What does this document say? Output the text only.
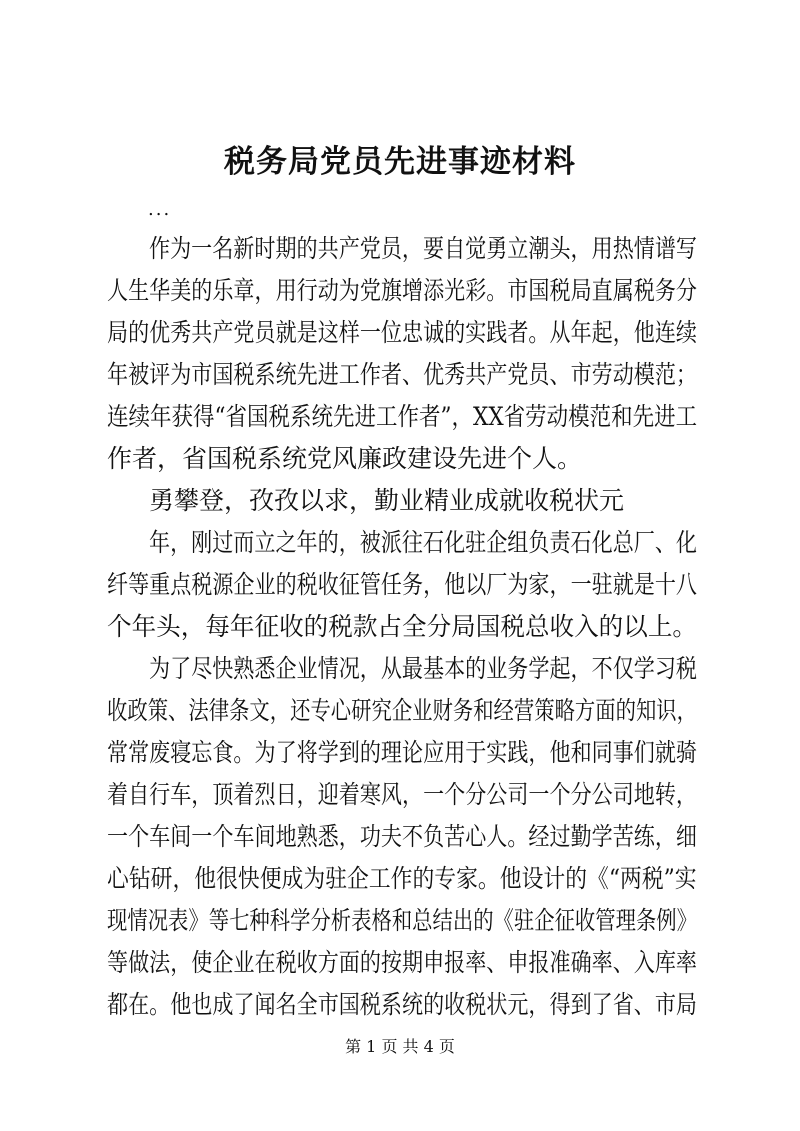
税务局党员先进事迹材料
...
作为一名新时期的共产党员，要自觉勇立潮头，用热情谱写
人生华美的乐章，用行动为党旗增添光彩。市国税局直属税务分
局的优秀共产党员就是这样一位忠诚的实践者。从年起，他连续
年被评为市国税系统先进工作者、优秀共产党员、市劳动模范；
连续年获得“省国税系统先进工作者”，XX省劳动模范和先进工
作者，省国税系统党风廉政建设先进个人。
勇攀登，孜孜以求，勤业精业成就收税状元
年，刚过而立之年的，被派往石化驻企组负责石化总厂、化
纤等重点税源企业的税收征管任务，他以厂为家，一驻就是十八
个年头，每年征收的税款占全分局国税总收入的以上。
为了尽快熟悉企业情况，从最基本的业务学起，不仅学习税
收政策、法律条文，还专心研究企业财务和经营策略方面的知识，
常常废寝忘食。为了将学到的理论应用于实践，他和同事们就骑
着自行车，顶着烈日，迎着寒风，一个分公司一个分公司地转，
一个车间一个车间地熟悉，功夫不负苦心人。经过勤学苦练，细
心钻研，他很快便成为驻企工作的专家。他设计的《“两税”实
现情况表》等七种科学分析表格和总结出的《驻企征收管理条例》
等做法，使企业在税收方面的按期申报率、申报准确率、入库率
都在。他也成了闻名全市国税系统的收税状元，得到了省、市局
第 1 页 共 4 页
